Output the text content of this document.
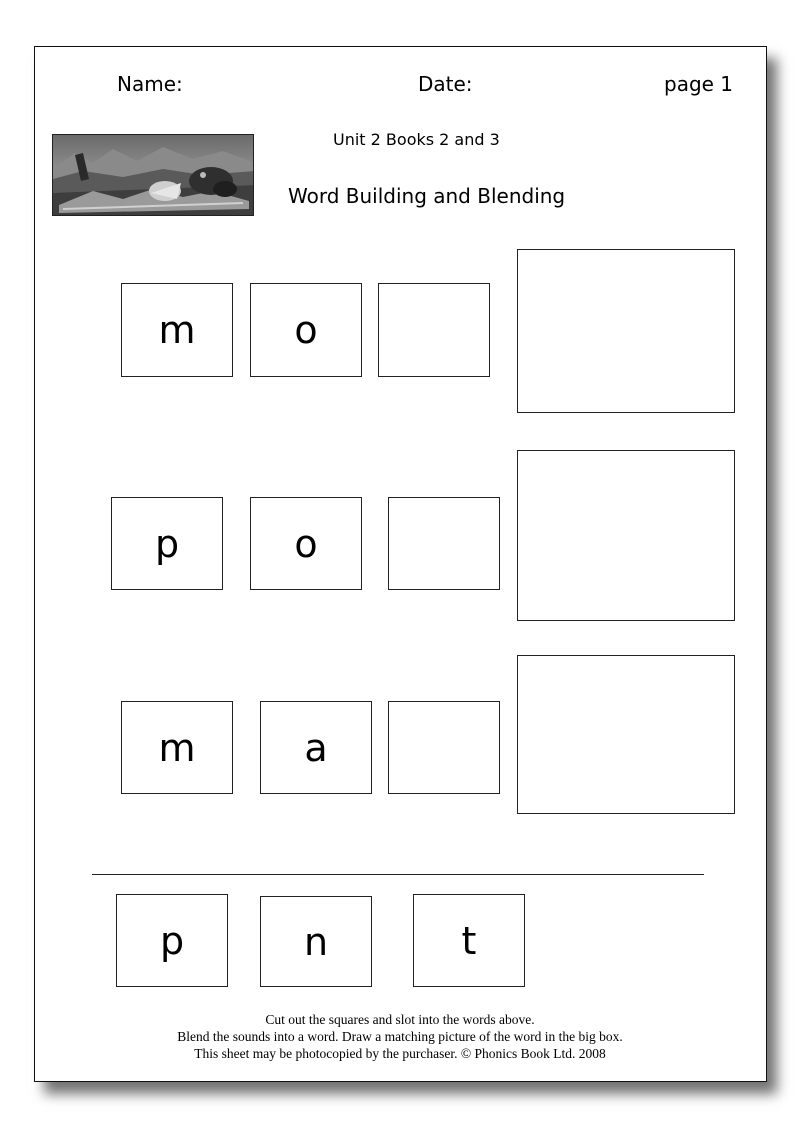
Name:	Date:	page 1
Unit 2 Books 2 and 3
Word Building and Blending
m	o
p	o
m	a
p	n	t
Cut out the squares and slot into the words above.
Blend the sounds into a word. Draw a matching picture of the word in the big box.
This sheet may be photocopied by the purchaser. © Phonics Book Ltd. 2008
